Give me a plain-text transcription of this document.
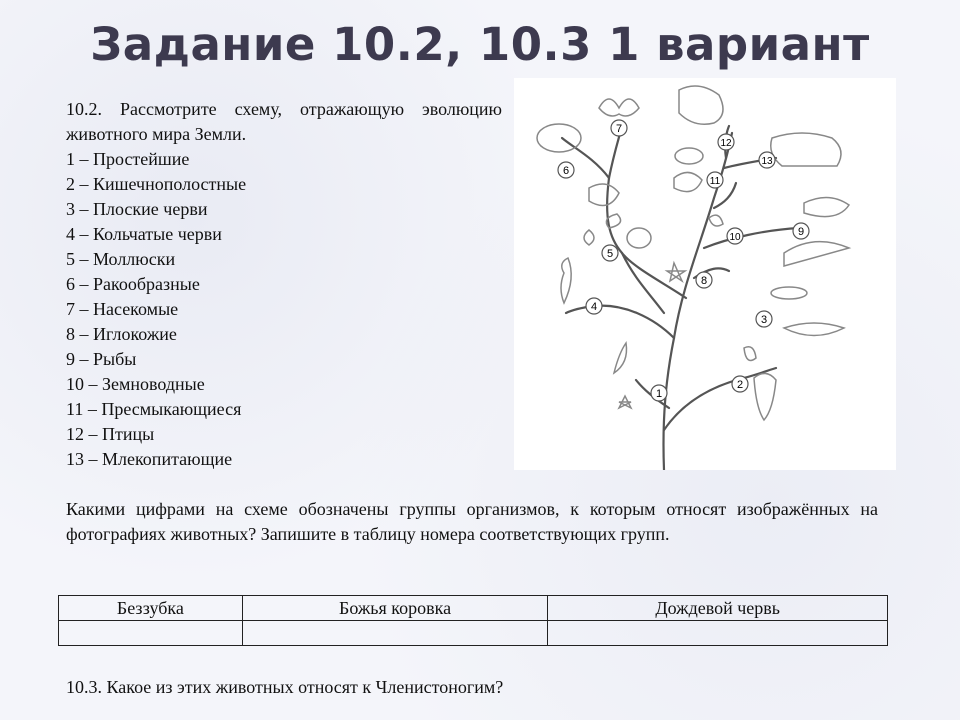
Задание 10.2, 10.3 1 вариант
10.2. Рассмотрите схему, отражающую эволюцию животного мира Земли.
1 – Простейшие
2 – Кишечнополостные
3 – Плоские черви
4 – Кольчатые черви
5 – Моллюски
6 – Ракообразные
7 – Насекомые
8 – Иглокожие
9 – Рыбы
10 – Земноводные
11 – Пресмыкающиеся
12 – Птицы
13 – Млекопитающие
1
2
3
4
5
6
7
8
9
10
11
12
13
Какими цифрами на схеме обозначены группы организмов, к которым относят изображённых на фотографиях животных? Запишите в таблицу номера соответствующих групп.
Беззубка	Божья коровка	Дождевой червь

10.3. Какое из этих животных относят к Членистоногим?
